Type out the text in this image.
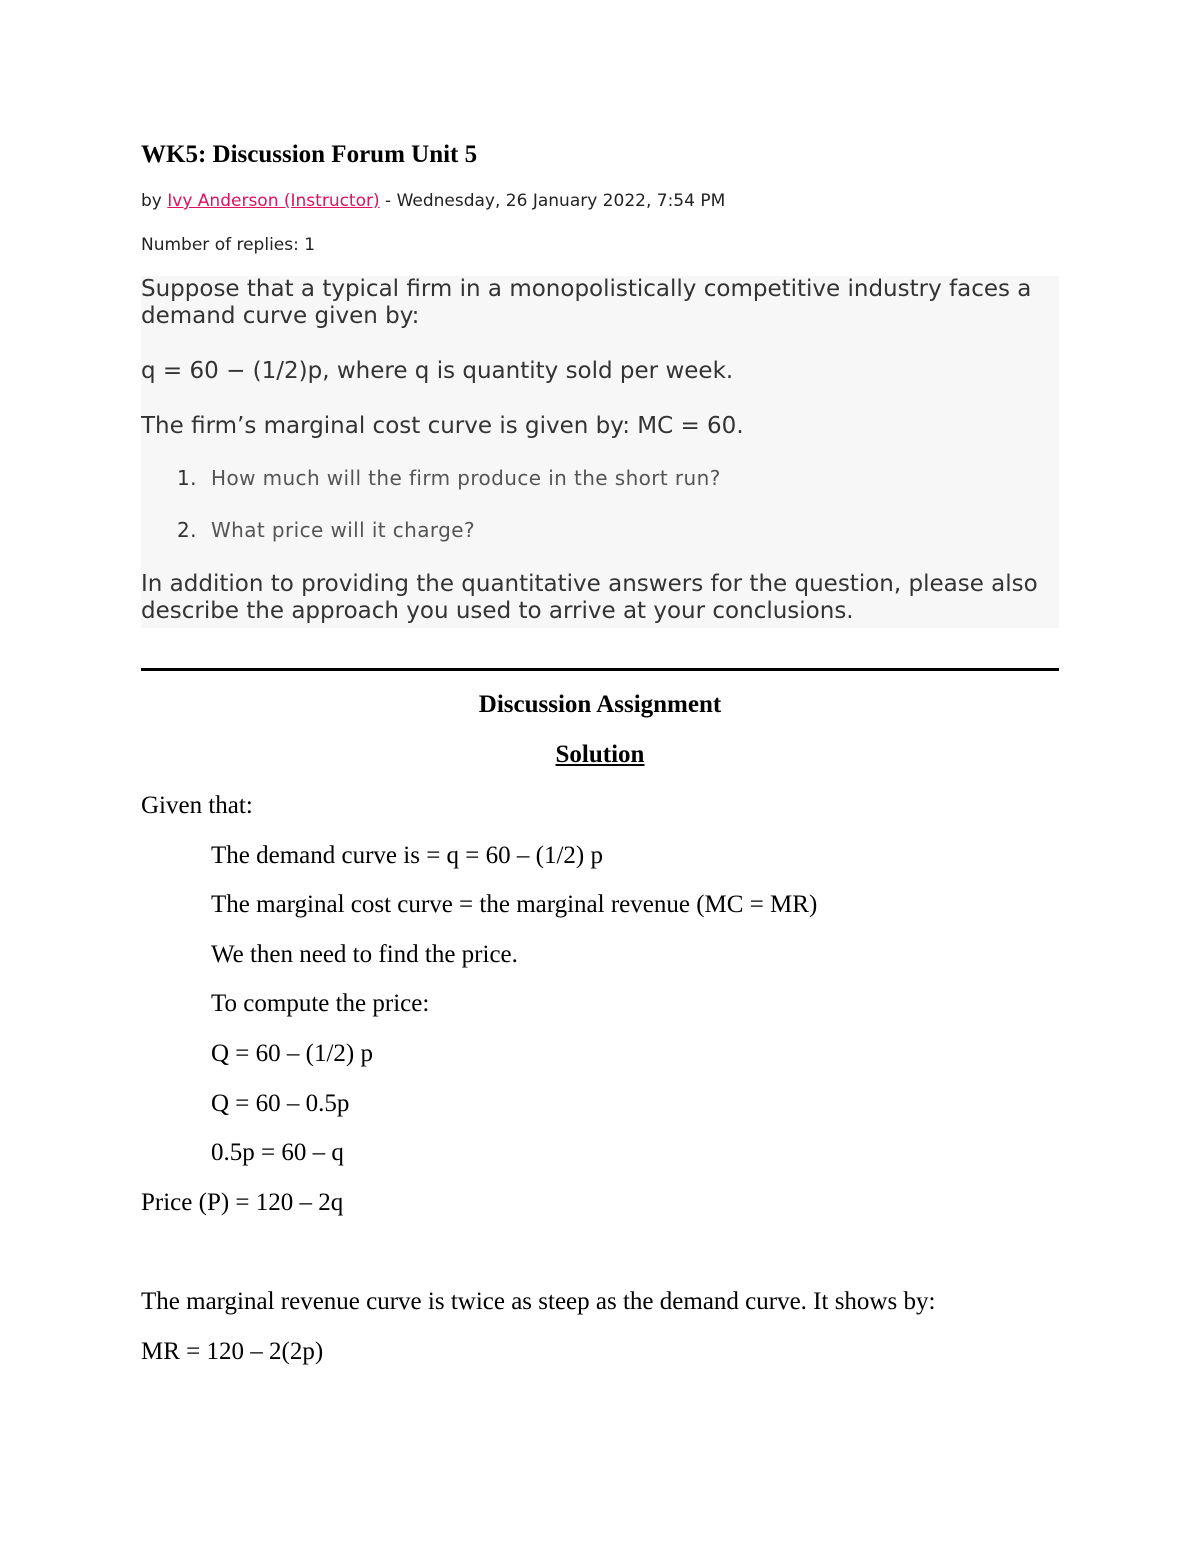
WK5: Discussion Forum Unit 5

by Ivy Anderson (Instructor) - Wednesday, 26 January 2022, 7:54 PM

Number of replies: 1

Suppose that a typical firm in a monopolistically competitive industry faces a demand curve given by:

q = 60 − (1/2)p, where q is quantity sold per week.

The firm’s marginal cost curve is given by: MC = 60.

1. How much will the firm produce in the short run?
2. What price will it charge?

In addition to providing the quantitative answers for the question, please also describe the approach you used to arrive at your conclusions.

Discussion Assignment
Solution

Given that:

The demand curve is = q = 60 – (1/2) p

The marginal cost curve = the marginal revenue (MC = MR)

We then need to find the price.

To compute the price:

Q = 60 – (1/2) p

Q = 60 – 0.5p

0.5p = 60 – q

Price (P) = 120 – 2q

The marginal revenue curve is twice as steep as the demand curve. It shows by:

MR = 120 – 2(2p)
